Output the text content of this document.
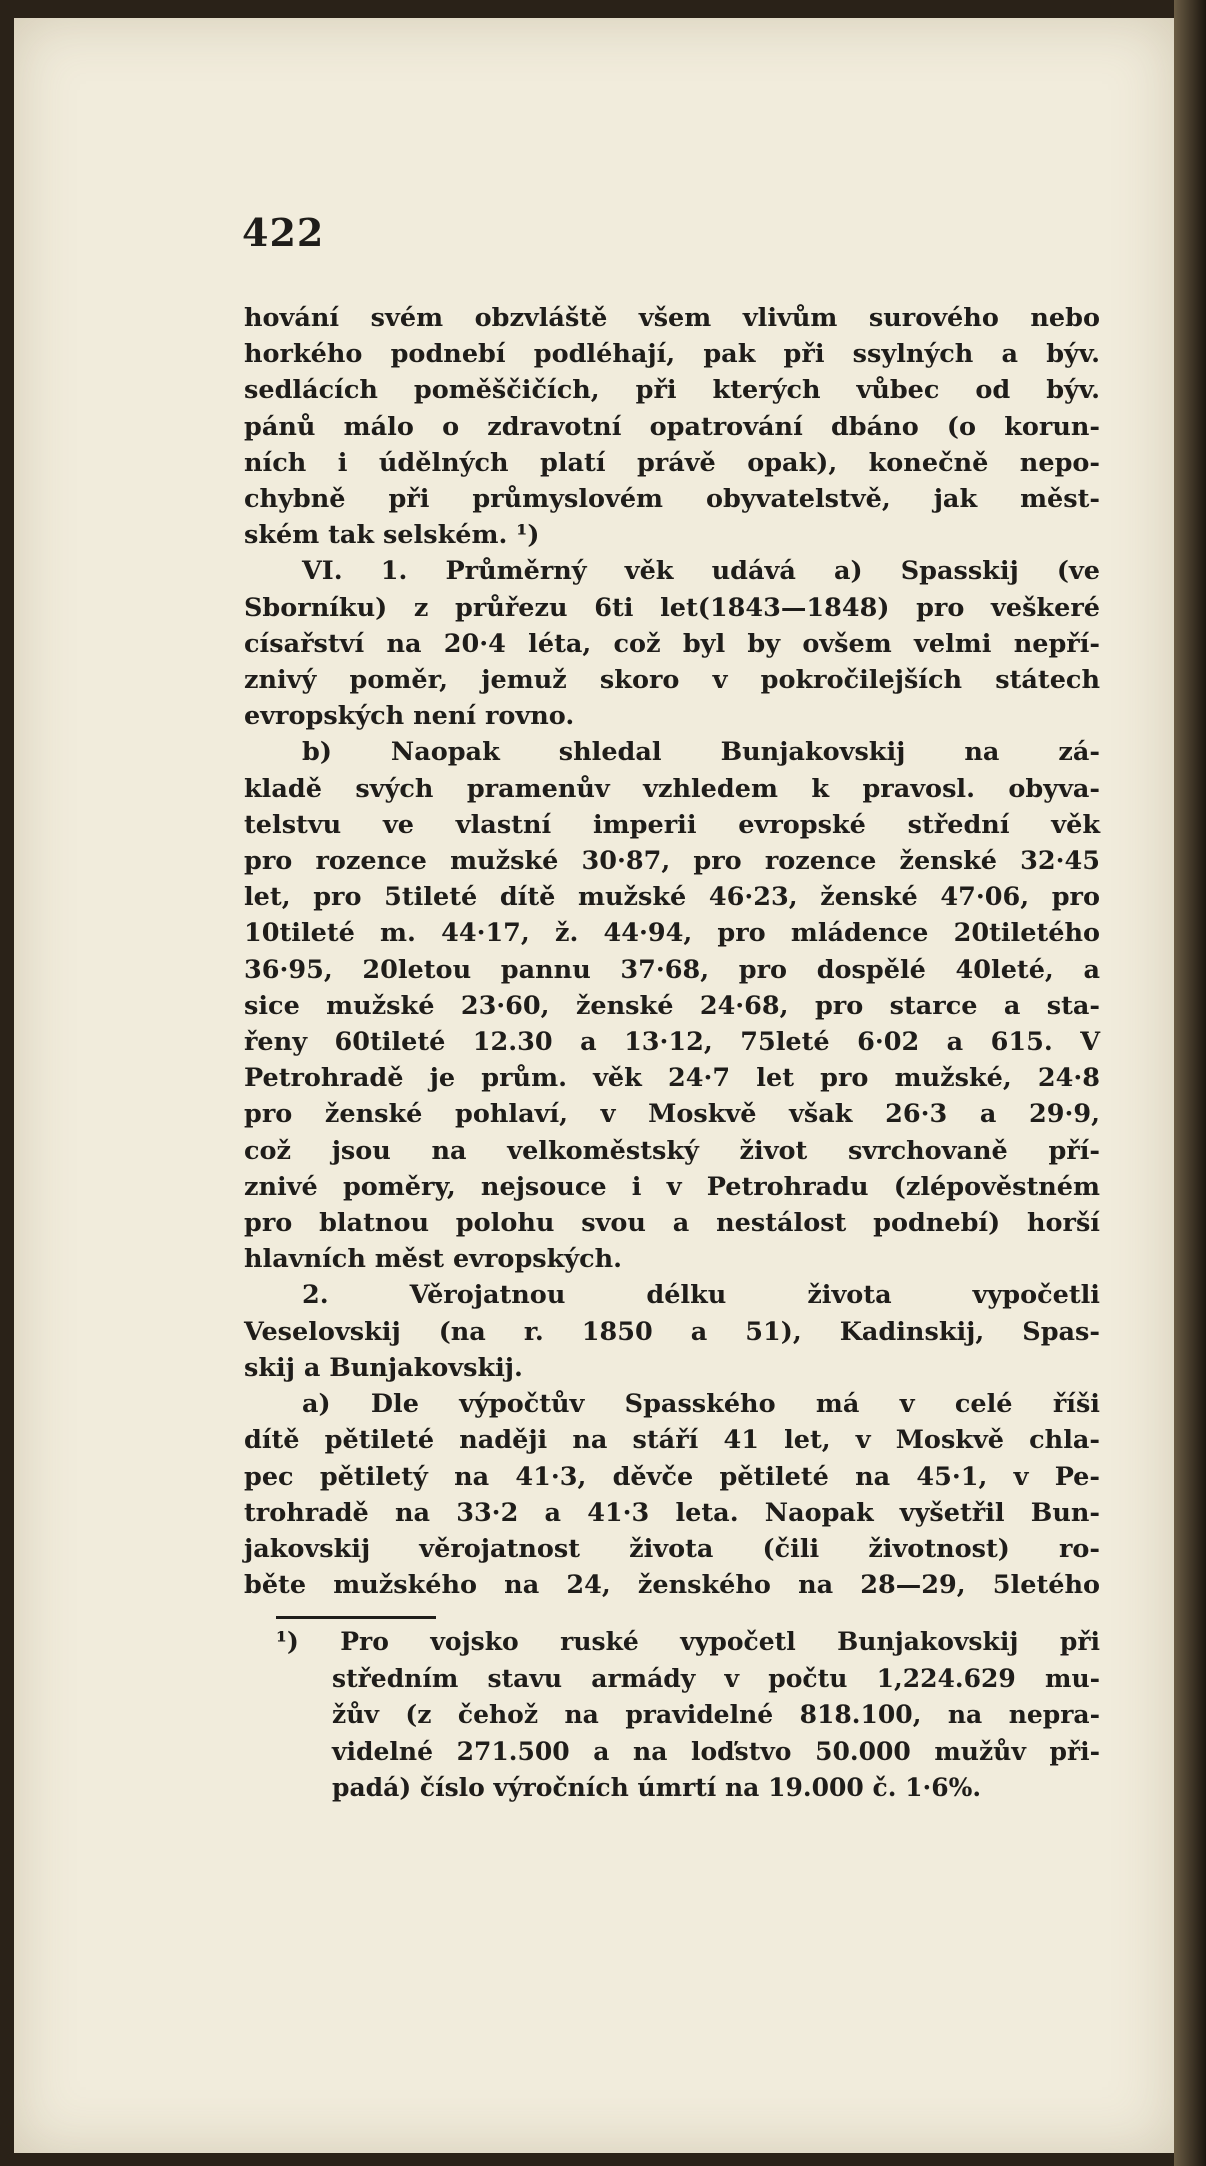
422
hování svém obzvláště všem vlivům surového nebo
horkého podnebí podléhají, pak při ssylných a býv.
sedlácích poměščičích, při kterých vůbec od býv.
pánů málo o zdravotní opatrování dbáno (o korun-
ních i údělných platí právě opak), konečně nepo-
chybně při průmyslovém obyvatelstvě, jak měst-
ském tak selském. ¹)
VI. 1. Průměrný věk udává a) Spasskij (ve
Sborníku) z průřezu 6ti let(1843—1848) pro veškeré
císařství na 20·4 léta, což byl by ovšem velmi nepří-
znivý poměr, jemuž skoro v pokročilejších státech
evropských není rovno.
b) Naopak shledal Bunjakovskij na zá-
kladě svých pramenův vzhledem k pravosl. obyva-
telstvu ve vlastní imperii evropské střední věk
pro rozence mužské 30·87, pro rozence ženské 32·45
let, pro 5tileté dítě mužské 46·23, ženské 47·06, pro
10tileté m. 44·17, ž. 44·94, pro mládence 20tiletého
36·95, 20letou pannu 37·68, pro dospělé 40leté, a
sice mužské 23·60, ženské 24·68, pro starce a sta-
řeny 60tileté 12.30 a 13·12, 75leté 6·02 a 615. V
Petrohradě je prům. věk 24·7 let pro mužské, 24·8
pro ženské pohlaví, v Moskvě však 26·3 a 29·9,
což jsou na velkoměstský život svrchovaně pří-
znivé poměry, nejsouce i v Petrohradu (zlépověstném
pro blatnou polohu svou a nestálost podnebí) horší
hlavních měst evropských.
2. Věrojatnou délku života vypočetli
Veselovskij (na r. 1850 a 51), Kadinskij, Spas-
skij a Bunjakovskij.
a) Dle výpočtův Spasského má v celé říši
dítě pětileté naději na stáří 41 let, v Moskvě chla-
pec pětiletý na 41·3, děvče pětileté na 45·1, v Pe-
trohradě na 33·2 a 41·3 leta. Naopak vyšetřil Bun-
jakovskij věrojatnost života (čili životnost) ro-
běte mužského na 24, ženského na 28—29, 5letého
¹) Pro vojsko ruské vypočetl Bunjakovskij při
středním stavu armády v počtu 1,224.629 mu-
žův (z čehož na pravidelné 818.100, na nepra-
videlné 271.500 a na loďstvo 50.000 mužův při-
padá) číslo výročních úmrtí na 19.000 č. 1·6%.
